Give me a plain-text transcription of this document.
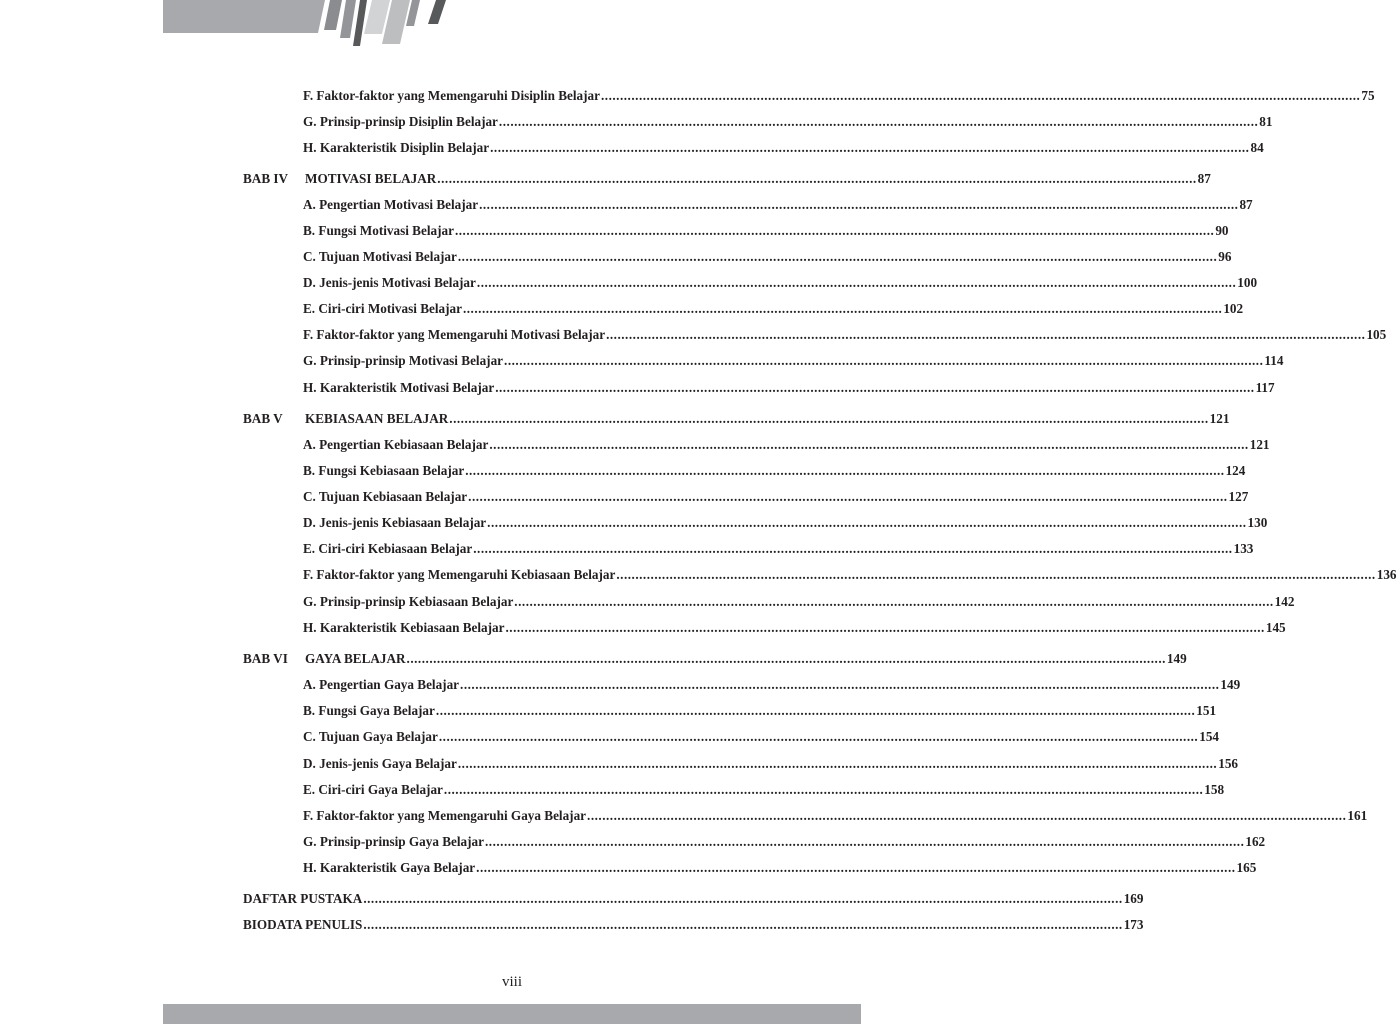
F. Faktor-faktor yang Memengaruhi Disiplin Belajar ........................................................................................................................................................................................................ 75
G. Prinsip-prinsip Disiplin Belajar ........................................................................................................................................................................................................ 81
H. Karakteristik Disiplin Belajar ........................................................................................................................................................................................................ 84
BAB IV	MOTIVASI BELAJAR ........................................................................................................................................................................................................ 87
A. Pengertian Motivasi Belajar ........................................................................................................................................................................................................ 87
B. Fungsi Motivasi Belajar ........................................................................................................................................................................................................ 90
C. Tujuan Motivasi Belajar ........................................................................................................................................................................................................ 96
D. Jenis-jenis Motivasi Belajar ........................................................................................................................................................................................................ 100
E. Ciri-ciri Motivasi Belajar ........................................................................................................................................................................................................ 102
F. Faktor-faktor yang Memengaruhi Motivasi Belajar ........................................................................................................................................................................................................ 105
G. Prinsip-prinsip Motivasi Belajar ........................................................................................................................................................................................................ 114
H. Karakteristik Motivasi Belajar ........................................................................................................................................................................................................ 117
BAB V	KEBIASAAN BELAJAR ........................................................................................................................................................................................................ 121
A. Pengertian Kebiasaan Belajar ........................................................................................................................................................................................................ 121
B. Fungsi Kebiasaan Belajar ........................................................................................................................................................................................................ 124
C. Tujuan Kebiasaan Belajar ........................................................................................................................................................................................................ 127
D. Jenis-jenis Kebiasaan Belajar ........................................................................................................................................................................................................ 130
E. Ciri-ciri Kebiasaan Belajar ........................................................................................................................................................................................................ 133
F. Faktor-faktor yang Memengaruhi Kebiasaan Belajar ........................................................................................................................................................................................................ 136
G. Prinsip-prinsip Kebiasaan Belajar ........................................................................................................................................................................................................ 142
H. Karakteristik Kebiasaan Belajar ........................................................................................................................................................................................................ 145
BAB VI	GAYA BELAJAR ........................................................................................................................................................................................................ 149
A. Pengertian Gaya Belajar ........................................................................................................................................................................................................ 149
B. Fungsi Gaya Belajar ........................................................................................................................................................................................................ 151
C. Tujuan Gaya Belajar ........................................................................................................................................................................................................ 154
D. Jenis-jenis Gaya Belajar ........................................................................................................................................................................................................ 156
E. Ciri-ciri Gaya Belajar ........................................................................................................................................................................................................ 158
F. Faktor-faktor yang Memengaruhi Gaya Belajar ........................................................................................................................................................................................................ 161
G. Prinsip-prinsip Gaya Belajar ........................................................................................................................................................................................................ 162
H. Karakteristik Gaya Belajar ........................................................................................................................................................................................................ 165
DAFTAR PUSTAKA ........................................................................................................................................................................................................ 169
BIODATA PENULIS ........................................................................................................................................................................................................ 173
viii
